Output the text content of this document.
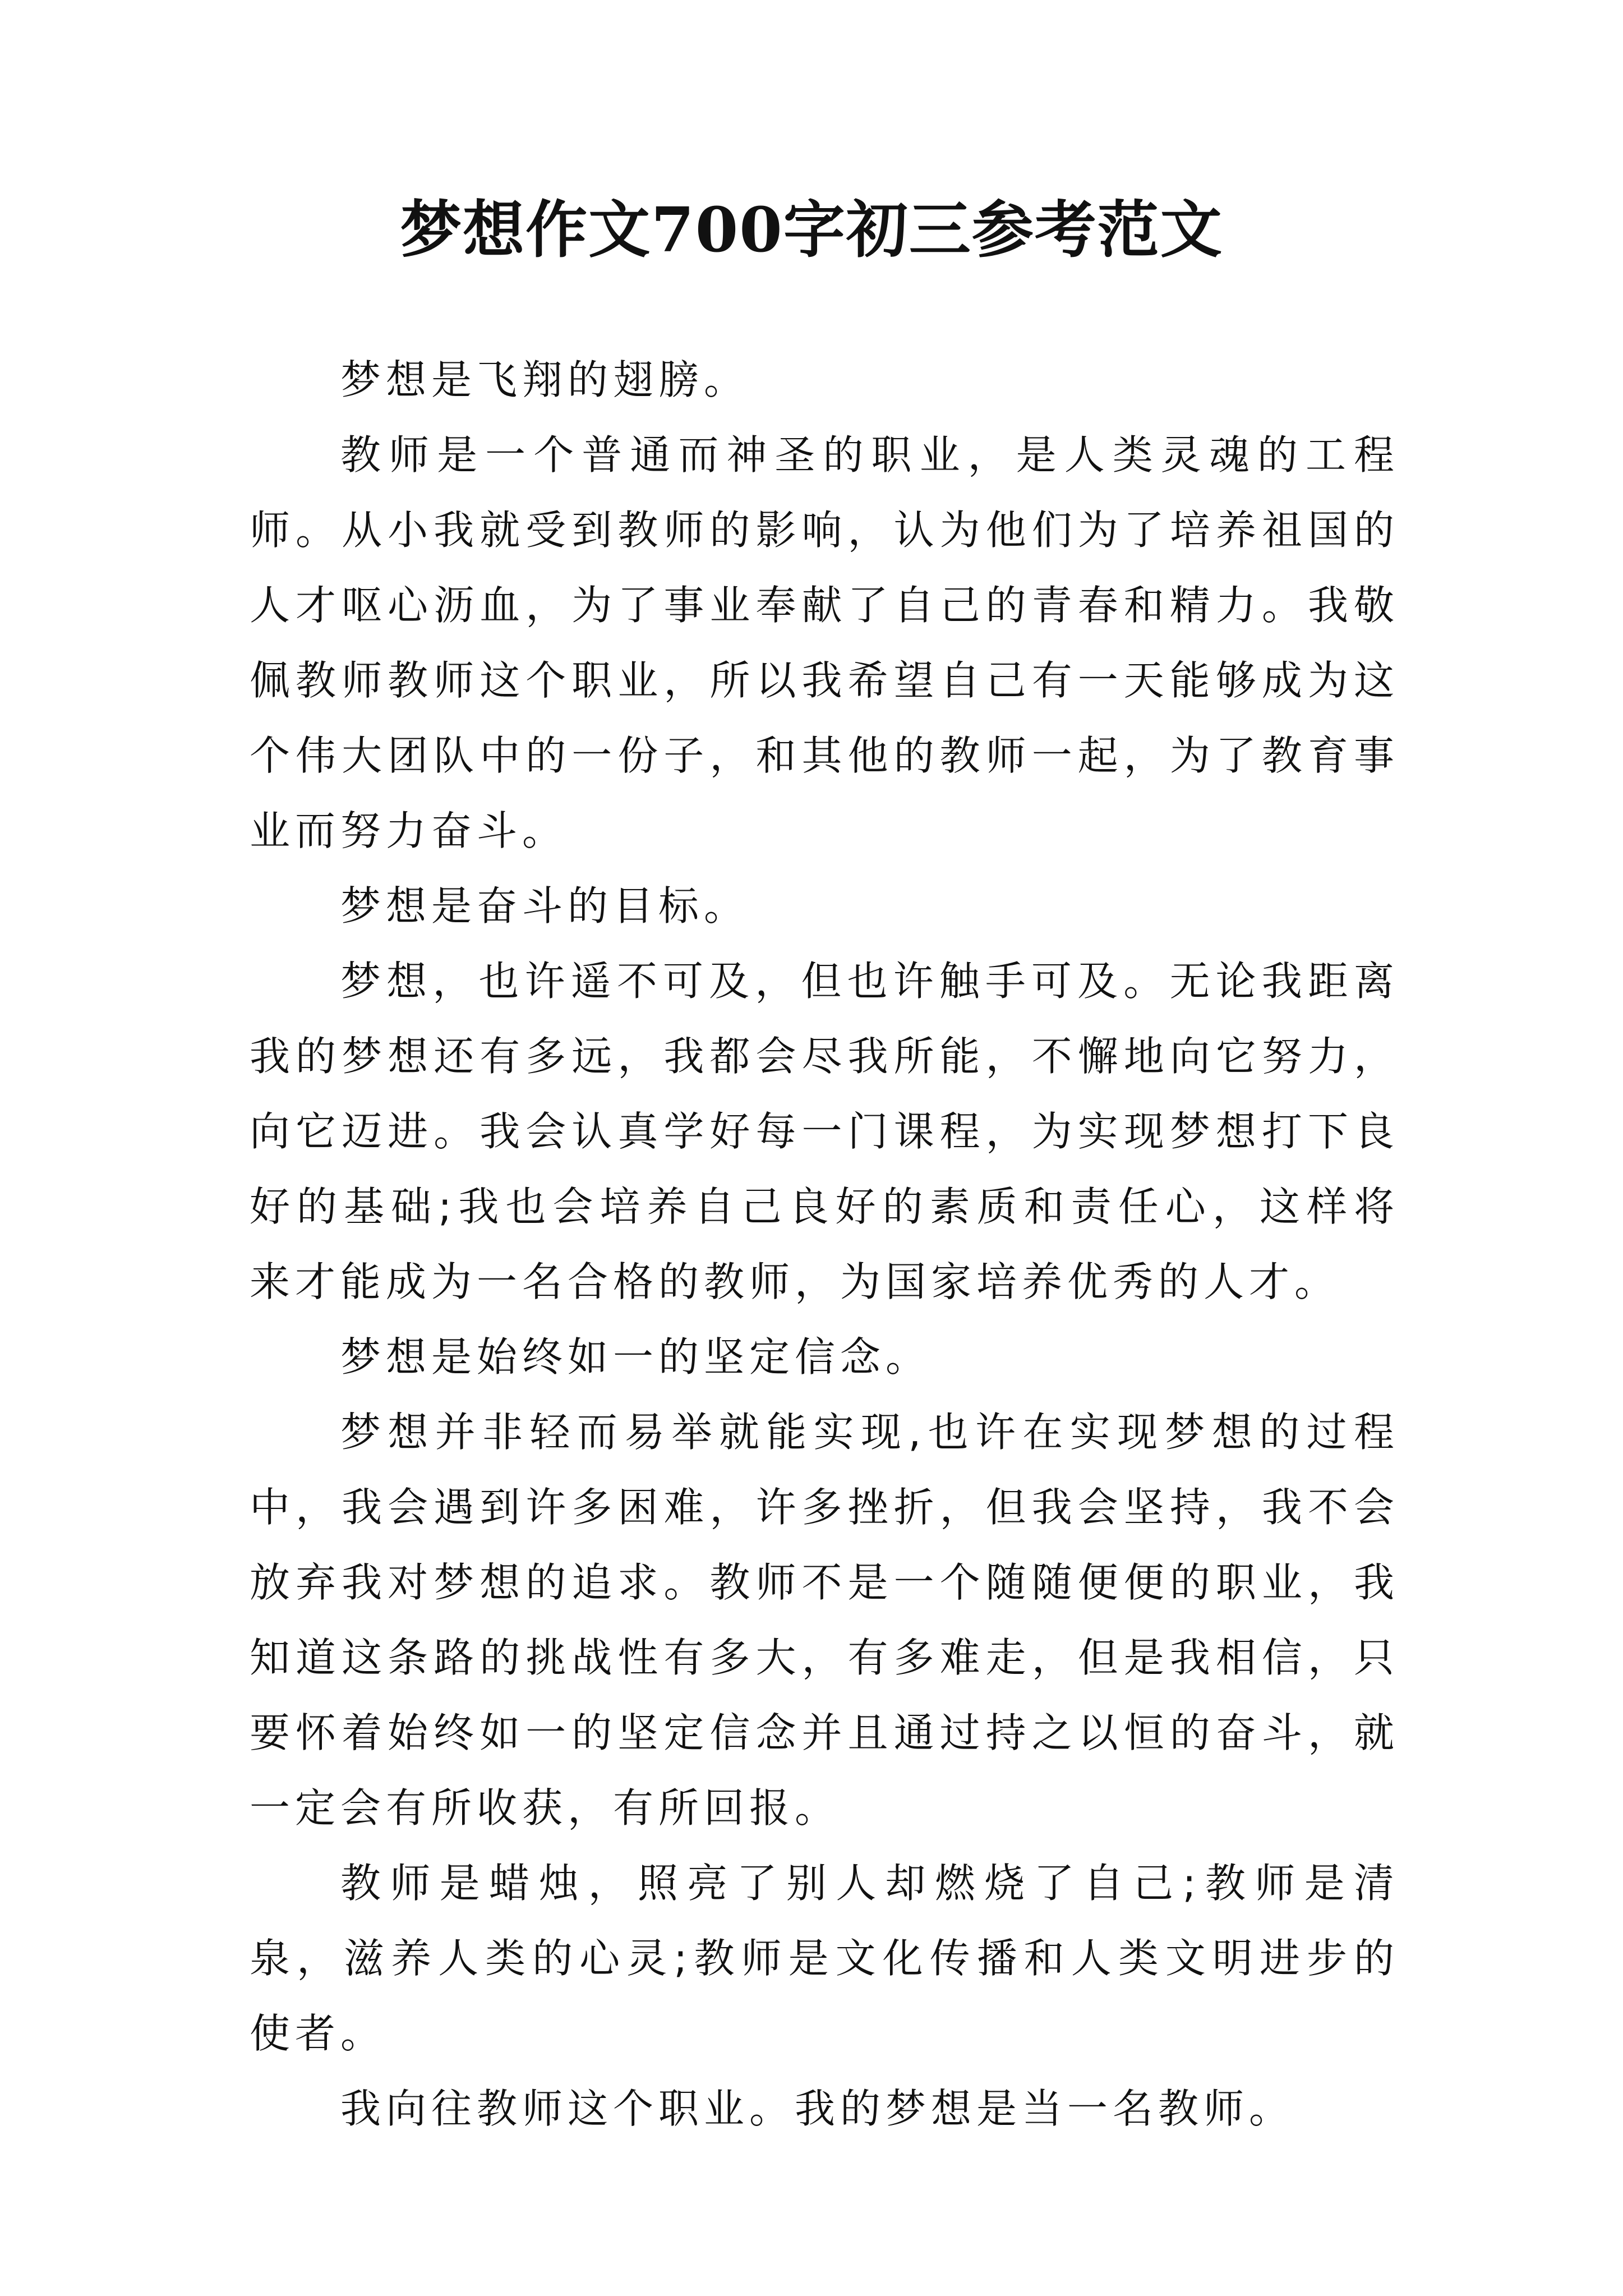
梦想作文700字初三参考范文

梦想是飞翔的翅膀。

教师是一个普通而神圣的职业，是人类灵魂的工程师。从小我就受到教师的影响，认为他们为了培养祖国的人才呕心沥血，为了事业奉献了自己的青春和精力。我敬佩教师教师这个职业，所以我希望自己有一天能够成为这个伟大团队中的一份子，和其他的教师一起，为了教育事业而努力奋斗。

梦想是奋斗的目标。

梦想，也许遥不可及，但也许触手可及。无论我距离我的梦想还有多远，我都会尽我所能，不懈地向它努力，向它迈进。我会认真学好每一门课程，为实现梦想打下良好的基础;我也会培养自己良好的素质和责任心，这样将来才能成为一名合格的教师，为国家培养优秀的人才。

梦想是始终如一的坚定信念。

梦想并非轻而易举就能实现,也许在实现梦想的过程中，我会遇到许多困难，许多挫折，但我会坚持，我不会放弃我对梦想的追求。教师不是一个随随便便的职业，我知道这条路的挑战性有多大，有多难走，但是我相信，只要怀着始终如一的坚定信念并且通过持之以恒的奋斗，就一定会有所收获，有所回报。

教师是蜡烛，照亮了别人却燃烧了自己;教师是清泉，滋养人类的心灵;教师是文化传播和人类文明进步的使者。

我向往教师这个职业。我的梦想是当一名教师。
